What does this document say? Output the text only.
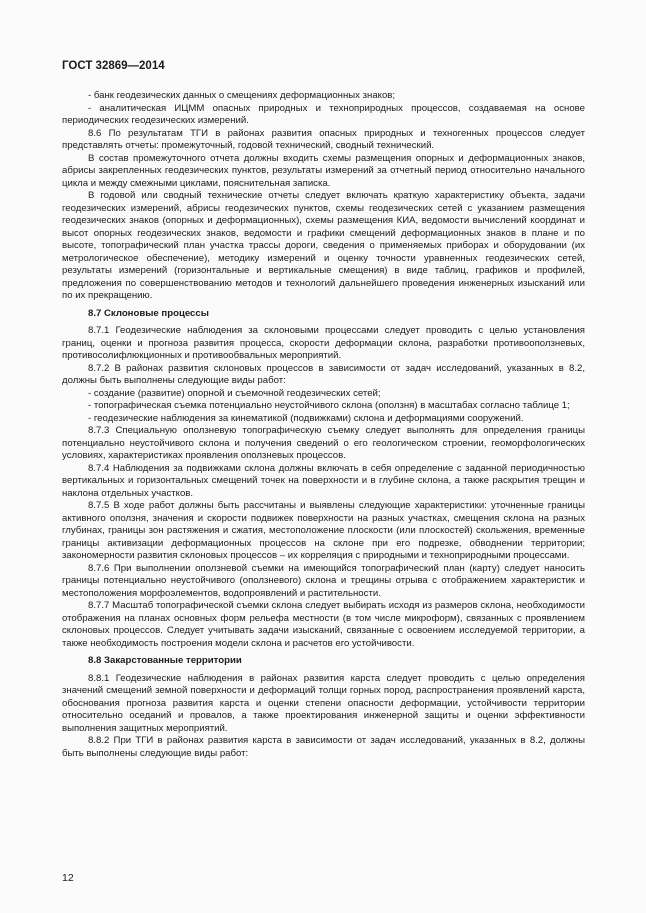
ГОСТ 32869—2014

- банк геодезических данных о смещениях деформационных знаков;

- аналитическая ИЦММ опасных природных и техноприродных процессов, создаваемая на основе периодических геодезических измерений.

8.6 По результатам ТГИ в районах развития опасных природных и техногенных процессов следует представлять отчеты: промежуточный, годовой технический, сводный технический.

В состав промежуточного отчета должны входить схемы размещения опорных и деформационных знаков, абрисы закрепленных геодезических пунктов, результаты измерений за отчетный период относительно начального цикла и между смежными циклами, пояснительная записка.

В годовой или сводный технические отчеты следует включать краткую характеристику объекта, задачи геодезических измерений, абрисы геодезических пунктов, схемы геодезических сетей с указанием размещения геодезических знаков (опорных и деформационных), схемы размещения КИА, ведомости вычислений координат и высот опорных геодезических знаков, ведомости и графики смещений деформационных знаков в плане и по высоте, топографический план участка трассы дороги, сведения о применяемых приборах и оборудовании (их метрологическое обеспечение), методику измерений и оценку точности уравненных геодезических сетей, результаты измерений (горизонтальные и вертикальные смещения) в виде таблиц, графиков и профилей, предложения по совершенствованию методов и технологий дальнейшего проведения инженерных изысканий или по их прекращению.

8.7 Склоновые процессы

8.7.1 Геодезические наблюдения за склоновыми процессами следует проводить с целью установления границ, оценки и прогноза развития процесса, скорости деформации склона, разработки противооползневых, противосолифлюкционных и противообвальных мероприятий.

8.7.2 В районах развития склоновых процессов в зависимости от задач исследований, указанных в 8.2, должны быть выполнены следующие виды работ:

- создание (развитие) опорной и съемочной геодезических сетей;

- топографическая съемка потенциально неустойчивого склона (оползня) в масштабах согласно таблице 1;

- геодезические наблюдения за кинематикой (подвижками) склона и деформациями сооружений.

8.7.3 Специальную оползневую топографическую съемку следует выполнять для определения границы потенциально неустойчивого склона и получения сведений о его геологическом строении, геоморфологических условиях, характеристиках проявления оползневых процессов.

8.7.4 Наблюдения за подвижками склона должны включать в себя определение с заданной периодичностью вертикальных и горизонтальных смещений точек на поверхности и в глубине склона, а также раскрытия трещин и наклона отдельных участков.

8.7.5 В ходе работ должны быть рассчитаны и выявлены следующие характеристики: уточненные границы активного оползня, значения и скорости подвижек поверхности на разных участках, смещения склона на разных глубинах, границы зон растяжения и сжатия, местоположение плоскости (или плоскостей) скольжения, временные границы активизации деформационных процессов на склоне при его подрезке, обводнении территории; закономерности развития склоновых процессов – их корреляция с природными и техноприродными процессами.

8.7.6 При выполнении оползневой съемки на имеющийся топографический план (карту) следует наносить границы потенциально неустойчивого (оползневого) склона и трещины отрыва с отображением характеристик и местоположения морфоэлементов, водопроявлений и растительности.

8.7.7 Масштаб топографической съемки склона следует выбирать исходя из размеров склона, необходимости отображения на планах основных форм рельефа местности (в том числе микроформ), связанных с проявлением склоновых процессов. Следует учитывать задачи изысканий, связанные с освоением исследуемой территории, а также необходимость построения модели склона и расчетов его устойчивости.

8.8 Закарстованные территории

8.8.1 Геодезические наблюдения в районах развития карста следует проводить с целью определения значений смещений земной поверхности и деформаций толщи горных пород, распространения проявлений карста, обоснования прогноза развития карста и оценки степени опасности деформации, устойчивости территории относительно оседаний и провалов, а также проектирования инженерной защиты и оценки эффективности выполнения защитных мероприятий.

8.8.2 При ТГИ в районах развития карста в зависимости от задач исследований, указанных в 8.2, должны быть выполнены следующие виды работ:

12
